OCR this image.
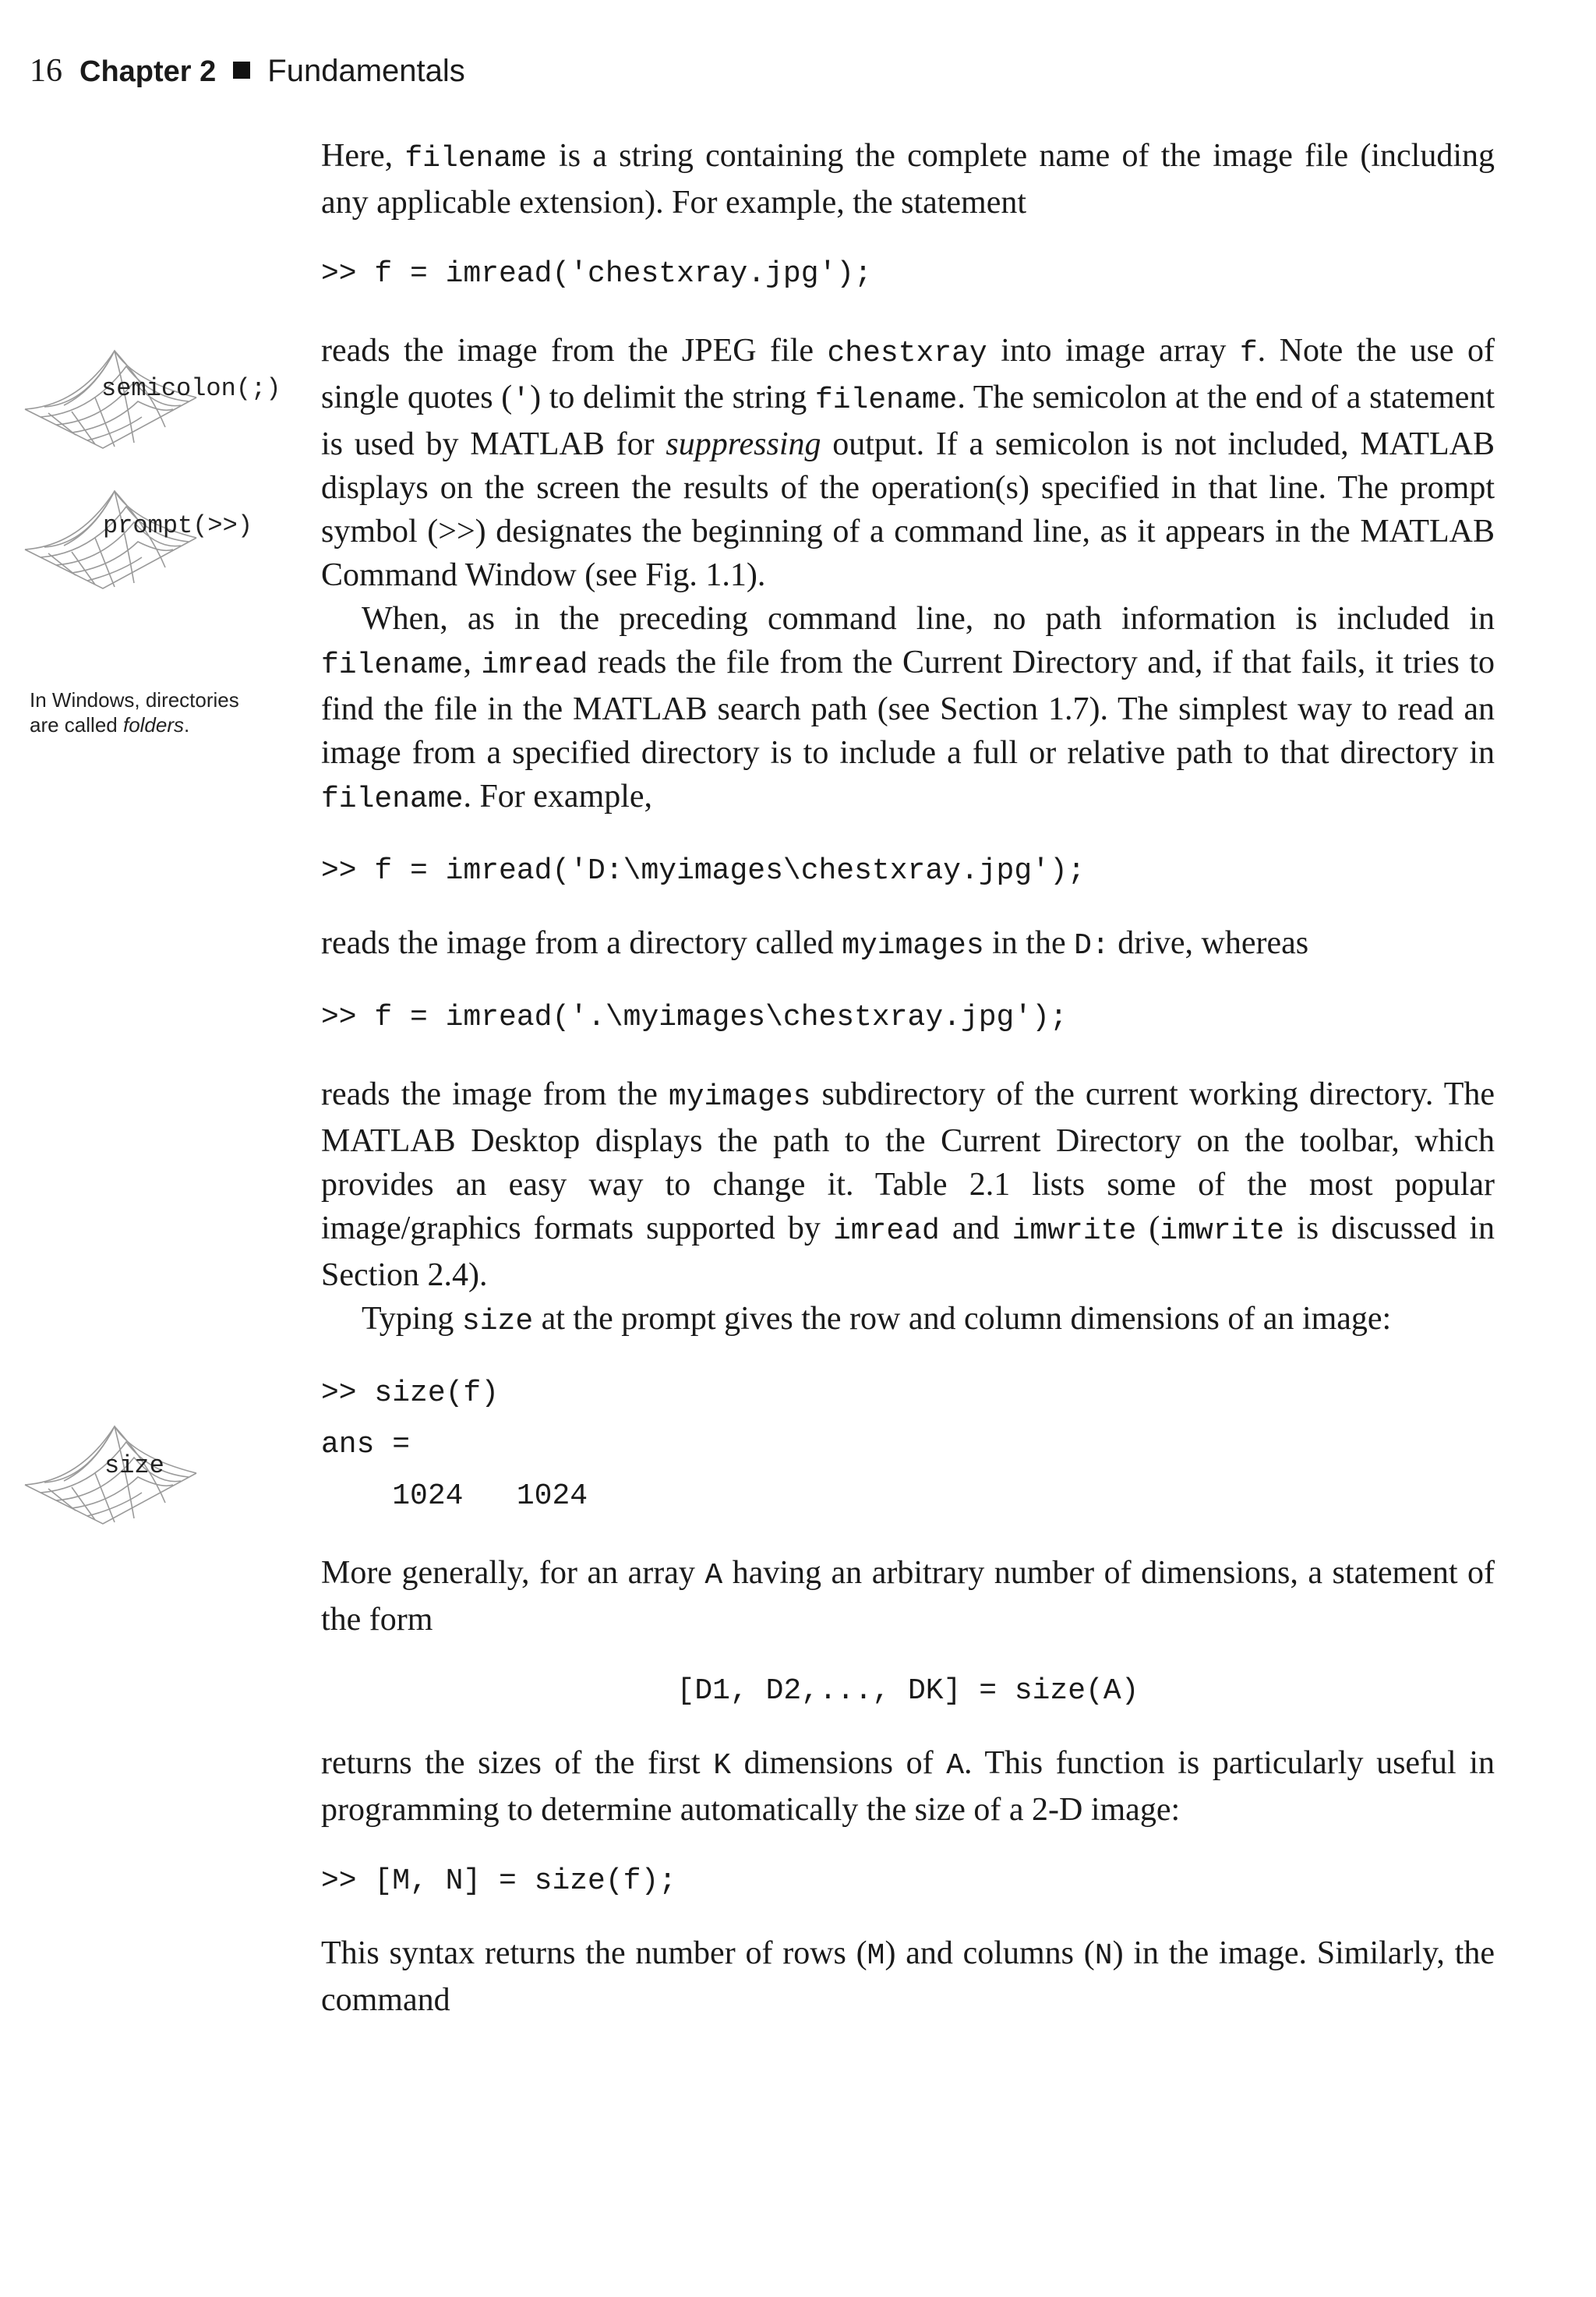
16 Chapter 2 Fundamentals
semicolon(;)
prompt(>>)
In Windows, directories
are called folders.
size

Here, filename is a string containing the complete name of the image file (including any applicable extension). For example, the statement

>> f = imread('chestxray.jpg');

reads the image from the JPEG file chestxray into image array f. Note the use of single quotes (') to delimit the string filename. The semicolon at the end of a statement is used by MATLAB for suppressing output. If a semicolon is not included, MATLAB displays on the screen the results of the operation(s) specified in that line. The prompt symbol (>>) designates the beginning of a command line, as it appears in the MATLAB Command Window (see Fig. 1.1).

When, as in the preceding command line, no path information is included in filename, imread reads the file from the Current Directory and, if that fails, it tries to find the file in the MATLAB search path (see Section 1.7). The simplest way to read an image from a specified directory is to include a full or relative path to that directory in filename. For example,

>> f = imread('D:\myimages\chestxray.jpg');

reads the image from a directory called myimages in the D: drive, whereas

>> f = imread('.\myimages\chestxray.jpg');

reads the image from the myimages subdirectory of the current working directory. The MATLAB Desktop displays the path to the Current Directory on the toolbar, which provides an easy way to change it. Table 2.1 lists some of the most popular image/graphics formats supported by imread and imwrite (imwrite is discussed in Section 2.4).

Typing size at the prompt gives the row and column dimensions of an image:

>> size(f)
ans =
1024   1024

More generally, for an array A having an arbitrary number of dimensions, a statement of the form

[D1, D2,..., DK] = size(A)

returns the sizes of the first K dimensions of A. This function is particularly useful in programming to determine automatically the size of a 2-D image:

>> [M, N] = size(f);

This syntax returns the number of rows (M) and columns (N) in the image. Similarly, the command
